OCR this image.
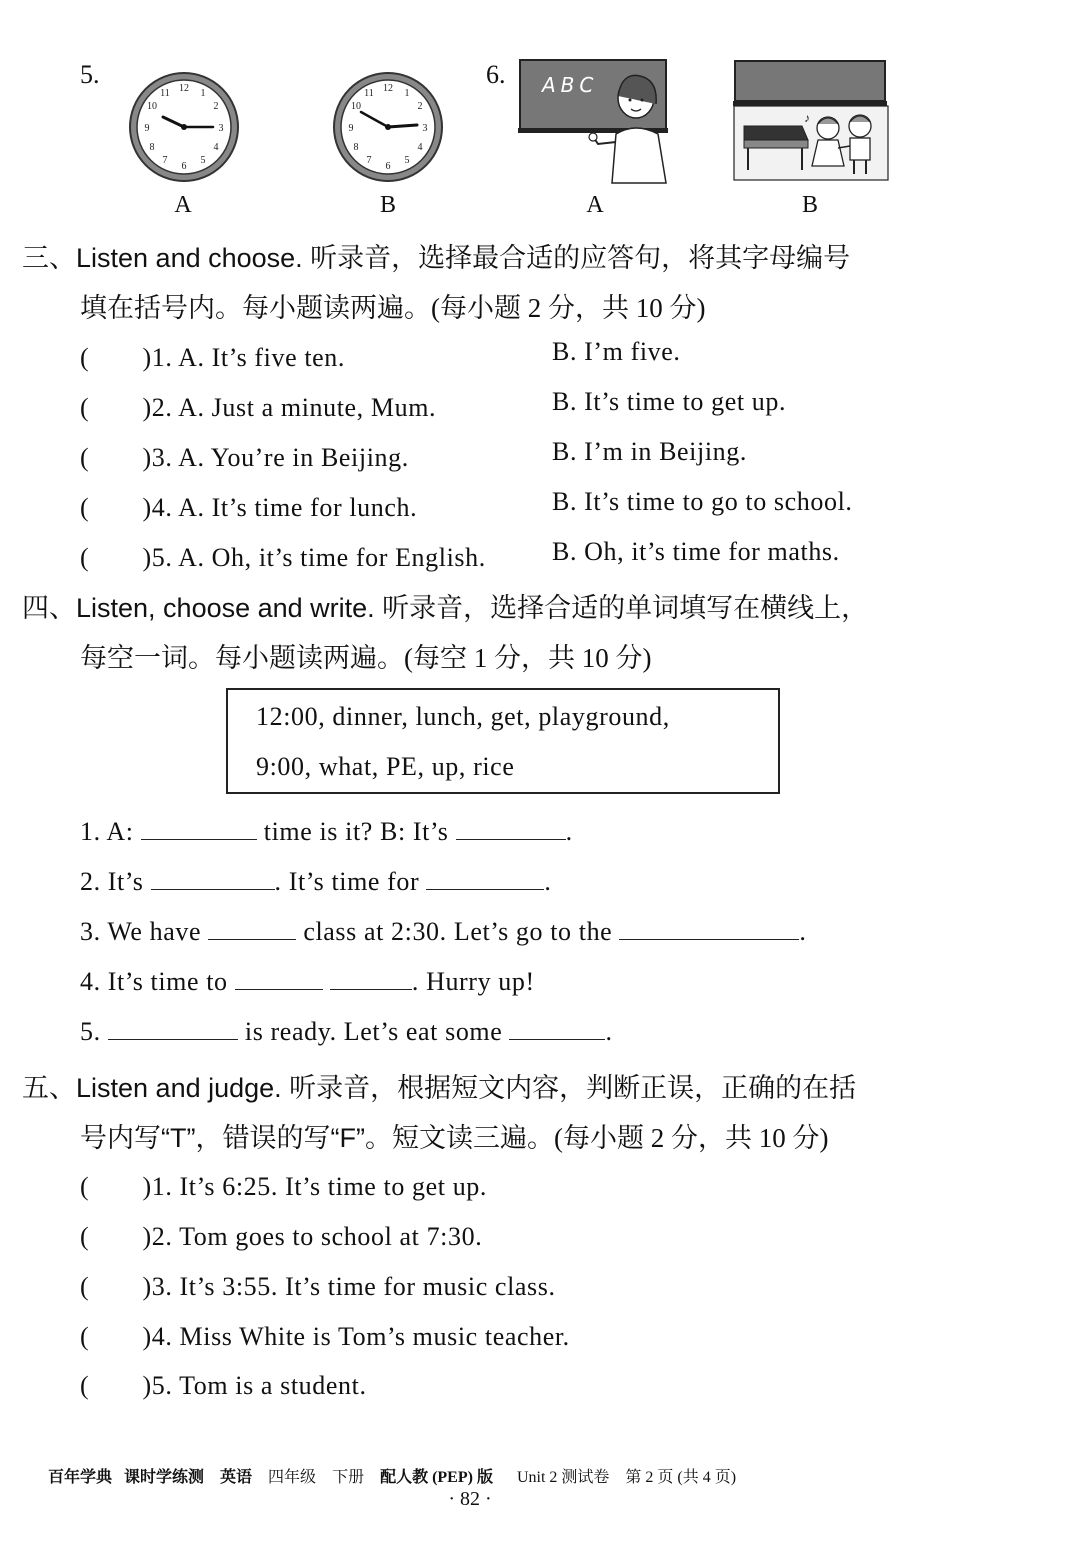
5.	12 1
2
3
4
5
6
7
8
9
10
11	12 1
2
3
4
5
6
7
8
9
10
11
6. ABC
♪
A	B	A	B
三、Listen and choose. 听录音，选择最合适的应答句，将其字母编号
填在括号内。每小题读两遍。(每小题 2 分，共 10 分)
(　　)1. A. It’s five ten.	B. I’m five.
(　　)2. A. Just a minute, Mum.	B. It’s time to get up.
(　　)3. A. You’re in Beijing.	B. I’m in Beijing.
(　　)4. A. It’s time for lunch.	B. It’s time to go to school.
(　　)5. A. Oh, it’s time for English.	B. Oh, it’s time for maths.
四、Listen, choose and write. 听录音，选择合适的单词填写在横线上，
每空一词。每小题读两遍。(每空 1 分，共 10 分)
12:00, dinner, lunch, get, playground,
9:00, what, PE, up, rice
1. A:	time is it? B: It’s	.
2. It’s	. It’s time for	.
3. We have	class at 2:30. Let’s go to the	.
4. It’s time to	. Hurry up!
5.	is ready. Let’s eat some	.
五、Listen and judge. 听录音，根据短文内容，判断正误，正确的在括
号内写“T”，错误的写“F”。短文读三遍。(每小题 2 分，共 10 分)
(　　)1. It’s 6:25. It’s time to get up.
(　　)2. Tom goes to school at 7:30.
(　　)3. It’s 3:55. It’s time for music class.
(　　)4. Miss White is Tom’s music teacher.
(　　)5. Tom is a student.
百年学典 课时学练测 英语 四年级 下册 配人教 (PEP) 版 Unit 2 测试卷 第 2 页 (共 4 页)
· 82 ·
